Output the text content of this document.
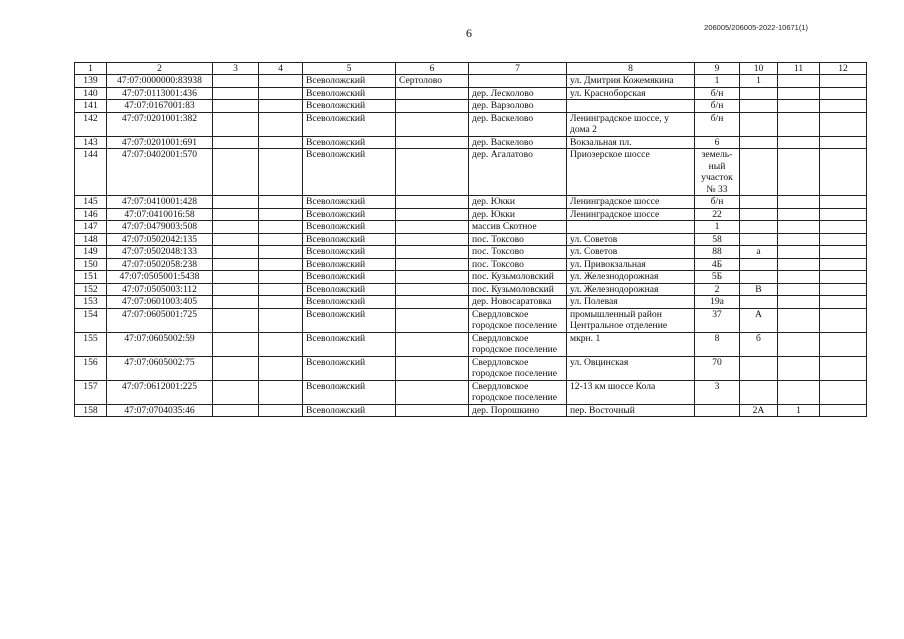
6	206005/206005-2022-10671(1)
1	2	3	4	5	6	7	8	9	10	11	12
139	47:07:0000000:83938			Всеволожский	Сертолово		ул. Дмитрия Кожемякина	1	1		
140	47:07:0113001:436			Всеволожский		дер. Лесколово	ул. Красноборская	б/н			
141	47:07:0167001:83			Всеволожский		дер. Варзолово		б/н			
142	47:07:0201001:382			Всеволожский		дер. Васкелово	Ленинградское шоссе, у дома 2	б/н			
143	47:07:0201001:691			Всеволожский		дер. Васкелово	Вокзальная пл.	6			
144	47:07:0402001:570			Всеволожский		дер. Агалатово	Приозерское шоссе	земель-ный участок № 33			
145	47:07:0410001:428			Всеволожский		дер. Юкки	Ленинградское шоссе	б/н			
146	47:07:0410016:58			Всеволожский		дер. Юкки	Ленинградское шоссе	22			
147	47:07:0479003:508			Всеволожский		массив Скотное		1			
148	47:07:0502042:135			Всеволожский		пос. Токсово	ул. Советов	58			
149	47:07:0502048:133			Всеволожский		пос. Токсово	ул. Советов	88	а		
150	47:07:0502058:238			Всеволожский		пос. Токсово	ул. Привокзальная	4Б			
151	47:07:0505001:5438			Всеволожский		пос. Кузьмоловский	ул. Железнодорожная	5Б			
152	47:07:0505003:112			Всеволожский		пос. Кузьмоловский	ул. Железнодорожная	2	В		
153	47:07:0601003:405			Всеволожский		дер. Новосаратовка	ул. Полевая	19а			
154	47:07:0605001:725			Всеволожский		Свердловское городское поселение	промышленный район Центральное отделение	37	А		
155	47:07:0605002:59			Всеволожский		Свердловское городское поселение	мкрн. 1	8	б		
156	47:07:0605002:75			Всеволожский		Свердловское городское поселение	ул. Овцинская	70			
157	47:07:0612001:225			Всеволожский		Свердловское городское поселение	12-13 км шоссе Кола	3			
158	47:07:0704035:46			Всеволожский		дер. Порошкино	пер. Восточный		2А	1	
